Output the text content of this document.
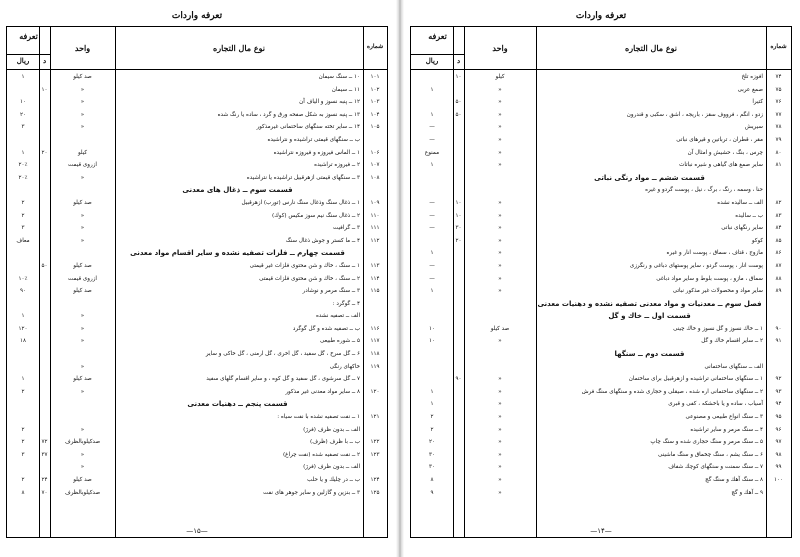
تعرفه واردات
تعرفه
ريال	د
واحد	نوع مال التجاره	شماره
۱	صد كيلو	۱۰ ــ سنگ سيمان	۱۰۱
۱۰	»	۱۱ ــ سيمان	۱۰۲
۱۰	»	۱۲ ــ پنبه نسوز و الياف آن	۱۰۳
۲۰	»	۱۳ ــ پنبه نسوز به شكل صفحه ورق و گرد ، ساده يا رنگ شده	۱۰۴
۳	»	۱۴ ــ ساير تخته سنگهاى ساختمانى غيرمذكور	۱۰۵
ب ــ سنگهاى قيمتى تراشيده و نتراشيده
۱	۲۰	كيلو	۱ ــ الماس فيروزه و فيروزه نتراشيده	۱۰۶
۲۰٪	ازروى قيمت	۲ ــ فيروزه تراشيده	۱۰۷
۲۰٪	»	۳ ــ سنگهاى قيمتى ازهرقبيل تراشيده يا نتراشيده	۱۰۸
قسمت سوم ــ ذغال هاى معدنى
۲	صد كيلو	۱ ــ ذغال سنگ وذغال سنگ نارس (تورب) ازهرقبيل	۱۰۹
۲	»	۲ ــ ذغال سنگ نيم سوز مكيس (كوك)	۱۱۰
۳	»	۳ ــ گرافيت	۱۱۱
معاف	»	۴ ــ ما كستر و جوش ذغال سنگ	۱۱۲
قسمت چهارم ــ فلزات تصفيه نشده و ساير اقسام مواد معدنى
۵۰	صد كيلو	۱ ــ سنگ ، خاك و شن محتوى فلزات غير قيمتى	۱۱۳
۱۰٪	ازروى قيمت	۲ ــ سنگ ، خاك و شن محتوى فلزات قيمتى	۱۱۴
۹۰	صد كيلو	۳ ــ سنگ مرمر و نوشادر	۱۱۵
۴ ــ گوگرد :
۱	»	الف ــ تصفيه نشده
۱۲۰	»	ب ــ تصفيه شده و گل گوگرد	۱۱۶
۱۸	»	۵ ــ شوره طبيعى	۱۱۷
۶ ــ گل سرخ ، گل سفيد ، گل اخرى ، گل ارمنى ، گل خاكى و ساير	۱۱۸
»	خاكهاى رنگى	۱۱۹
۱	صد كيلو	۷ ــ گل سرشوى ، گل سفيد و گل كوه ، و ساير اقسام گلهاى سفيد
۲	»	۸ ــ ساير مواد معدنى غير مذكور	۱۲۰
قسمت پنجم ــ دهنيات معدنى
۱ ــ نفت تصفيه نشده با نفت سياه :	۱۲۱
۲	»	الف ــ بدون ظرف (فرژ)
۲	۷۲	صدكيلوبالظرف	ب ــ با ظرف (ظرف)	۱۲۲
۳	۳۷	»	۲ ــ نفت تصفيه شده (نفت چراغ)	۱۲۳
»	الف ــ بدون ظرف (فرژ)
۲	۲۴	صد كيلو	ب ــ در چليك و يا حلب	۱۲۴
۸	۷۰	صدكيلوبالظرف	۳ ــ بنزين و گازلين و ساير جوهر هاى نفت	۱۲۵
—۱۵—
تعرفه واردات
تعرفه
ريال	د
واحد	نوع مال التجاره	شماره
۱۰	كيلو	افوزه تلخ	۷۴
۱	»	صمغ عربى	۷۵
۵۰	»	كتيرا	۷۶
۱	۵۰	»	زدو ، انگم ، فرووف سقز ، باريجه ، اشق ، سكبى و قندرون	۷۷
—	»	سيريش	۷۸
—	»	مقر ، قطران ، ترباتين و قيرهاى نباتى	۷۹
ممنوع	»	چرس ، بنگ ، حشيش و امثال آن	۸۰
۱	»	ساير صمغ هاى گياهى و شيره نباتات	۸۱
قسمت ششم ــ مواد رنگى نباتى
حنا ، وسمه ، رنگ ، برگ ، نيل ، پوست گردو و غيره
—	۱۰	»	الف ــ ساليده نشده	۸۲
—	۱۰	»	ب ــ ساليده	۸۳
—	۳۰	»	ساير رنگهاى نباتى	۸۴
۲۰	»	كوكو	۸۵
۱	»	مازوج ، قتاف ، سماق ، پوست انار و غيره	۸۶
—	»	پوست انار ، پوست گردو ، ساير پوستهاى دباغى و رنگرزى	۸۷
—	»	سماق ، مازو ، پوست بلوط و ساير مواد دباغى	۸۸
۱	»	ساير مواد و محصولات غير مذكور نباتى	۸۹
فصل سوم ــ معدنيات و مواد معدنى تصفيه نشده و دهنيات معدنى
قسمت اول ــ خاك و گل
۱۰	صد كيلو	۱ ــ خاك نسوز و گل نسوز و خاك چينى	۹۰
۱۰	»	۲ ــ ساير اقسام خاك و گل	۹۱
قسمت دوم ــ سنگها
الف ــ سنگهاى ساختمانى
۹۰	»	۱ ــ سنگهاى ساختمانى تراشيده و ازهرقبيل براى ساختمان	۹۲
۱	»	۲ ــ سنگهاى ساختمانى اره شده ، صيقلى و حجارى شده و سنگهاى سنگ فرش	۹۳
۱	»	آسياب ، ساده و يا باخشكه ، كفى و قبرى	۹۴
۲	»	۳ ــ سنگ انواع طبيعى و مصنوعى	۹۵
۲	»	۴ ــ سنگ مرمر و ساير تراشيده	۹۶
۲۰	»	۵ ــ سنگ مرمر و سنگ حجارى شده و سنگ چاپ	۹۷
۳۰	»	۶ ــ سنگ يشم ، سنگ چخماق و سنگ ماشينى	۹۸
۳۰	»	۷ ــ سنگ سمنت و سنگهاى كوچك شفاف	۹۹
۸	»	۸ ــ سنگ آهك و سنگ گچ	۱۰۰
۹	»	۹ ــ آهك و گچ
—۱۴—
